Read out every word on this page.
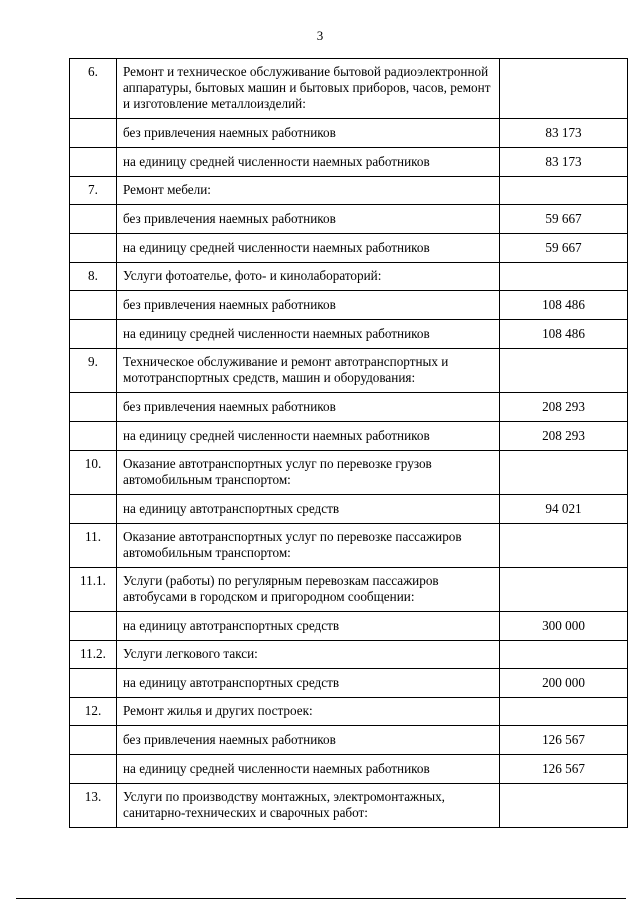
3
6.	Ремонт и техническое обслуживание бытовой радиоэлектронной аппаратуры, бытовых машин и бытовых приборов, часов, ремонт и изготовление металлоизделий:	
	без привлечения наемных работников	83 173
	на единицу средней численности наемных работников	83 173
7.	Ремонт мебели:	
	без привлечения наемных работников	59 667
	на единицу средней численности наемных работников	59 667
8.	Услуги фотоателье, фото- и кинолабораторий:	
	без привлечения наемных работников	108 486
	на единицу средней численности наемных работников	108 486
9.	Техническое обслуживание и ремонт автотранспортных и мототранспортных средств, машин и оборудования:	
	без привлечения наемных работников	208 293
	на единицу средней численности наемных работников	208 293
10.	Оказание автотранспортных услуг по перевозке грузов автомобильным транспортом:	
	на единицу автотранспортных средств	94 021
11.	Оказание автотранспортных услуг по перевозке пассажиров автомобильным транспортом:	
11.1.	Услуги (работы) по регулярным перевозкам пассажиров автобусами в городском и пригородном сообщении:	
	на единицу автотранспортных средств	300 000
11.2.	Услуги легкового такси:	
	на единицу автотранспортных средств	200 000
12.	Ремонт жилья и других построек:	
	без привлечения наемных работников	126 567
	на единицу средней численности наемных работников	126 567
13.	Услуги по производству монтажных, электромонтажных, санитарно-технических и сварочных работ:	
